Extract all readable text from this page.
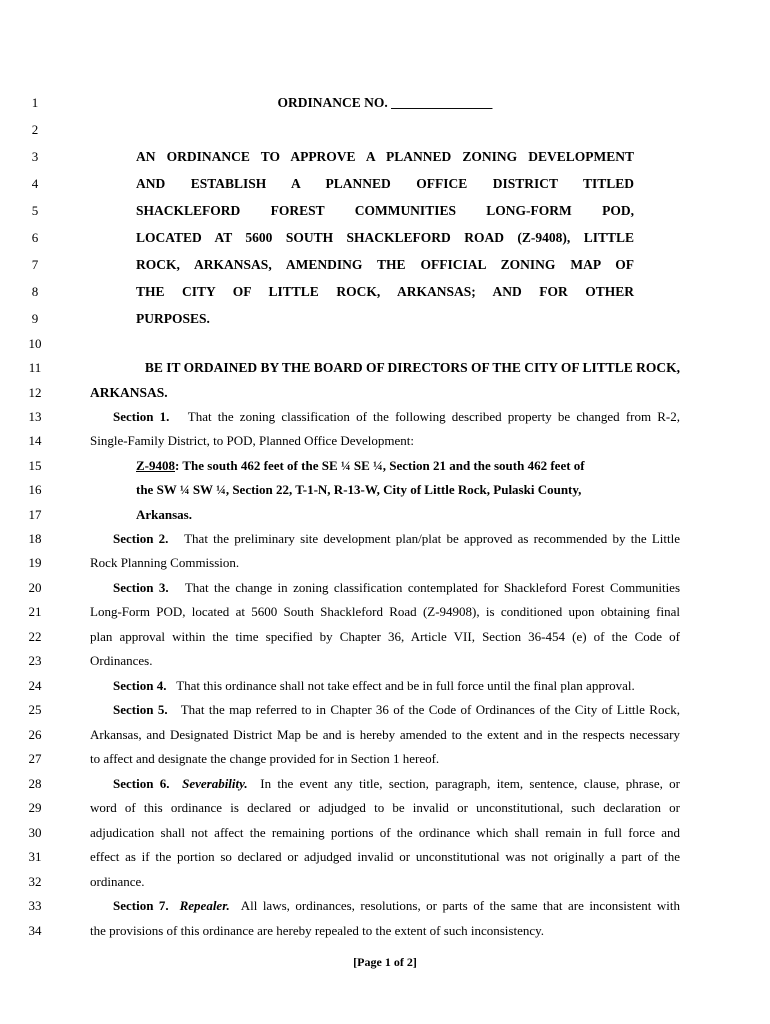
1
2
3
4
5
6
7
8
9
10
11
12
13
14
15
16
17
18
19
20
21
22
23
24
25
26
27
28
29
30
31
32
33
34
ORDINANCE NO. _______________
AN ORDINANCE TO APPROVE A PLANNED ZONING DEVELOPMENT
AND ESTABLISH A PLANNED OFFICE DISTRICT TITLED
SHACKLEFORD FOREST COMMUNITIES LONG-FORM POD,
LOCATED AT 5600 SOUTH SHACKLEFORD ROAD (Z-9408), LITTLE
ROCK, ARKANSAS, AMENDING THE OFFICIAL ZONING MAP OF
THE CITY OF LITTLE ROCK, ARKANSAS; AND FOR OTHER
PURPOSES.
BE IT ORDAINED BY THE BOARD OF DIRECTORS OF THE CITY OF LITTLE ROCK,
ARKANSAS.
Section 1. That the zoning classification of the following described property be changed from R-2,
Single-Family District, to POD, Planned Office Development:
Z-9408: The south 462 feet of the SE ¼ SE ¼, Section 21 and the south 462 feet of
the SW ¼ SW ¼, Section 22, T-1-N, R-13-W, City of Little Rock, Pulaski County,
Arkansas.
Section 2. That the preliminary site development plan/plat be approved as recommended by the Little
Rock Planning Commission.
Section 3. That the change in zoning classification contemplated for Shackleford Forest Communities
Long-Form POD, located at 5600 South Shackleford Road (Z-94908), is conditioned upon obtaining final
plan approval within the time specified by Chapter 36, Article VII, Section 36-454 (e) of the Code of
Ordinances.
Section 4. That this ordinance shall not take effect and be in full force until the final plan approval.
Section 5. That the map referred to in Chapter 36 of the Code of Ordinances of the City of Little Rock,
Arkansas, and Designated District Map be and is hereby amended to the extent and in the respects necessary
to affect and designate the change provided for in Section 1 hereof.
Section 6. Severability. In the event any title, section, paragraph, item, sentence, clause, phrase, or
word of this ordinance is declared or adjudged to be invalid or unconstitutional, such declaration or
adjudication shall not affect the remaining portions of the ordinance which shall remain in full force and
effect as if the portion so declared or adjudged invalid or unconstitutional was not originally a part of the
ordinance.
Section 7. Repealer. All laws, ordinances, resolutions, or parts of the same that are inconsistent with
the provisions of this ordinance are hereby repealed to the extent of such inconsistency.
[Page 1 of 2]
